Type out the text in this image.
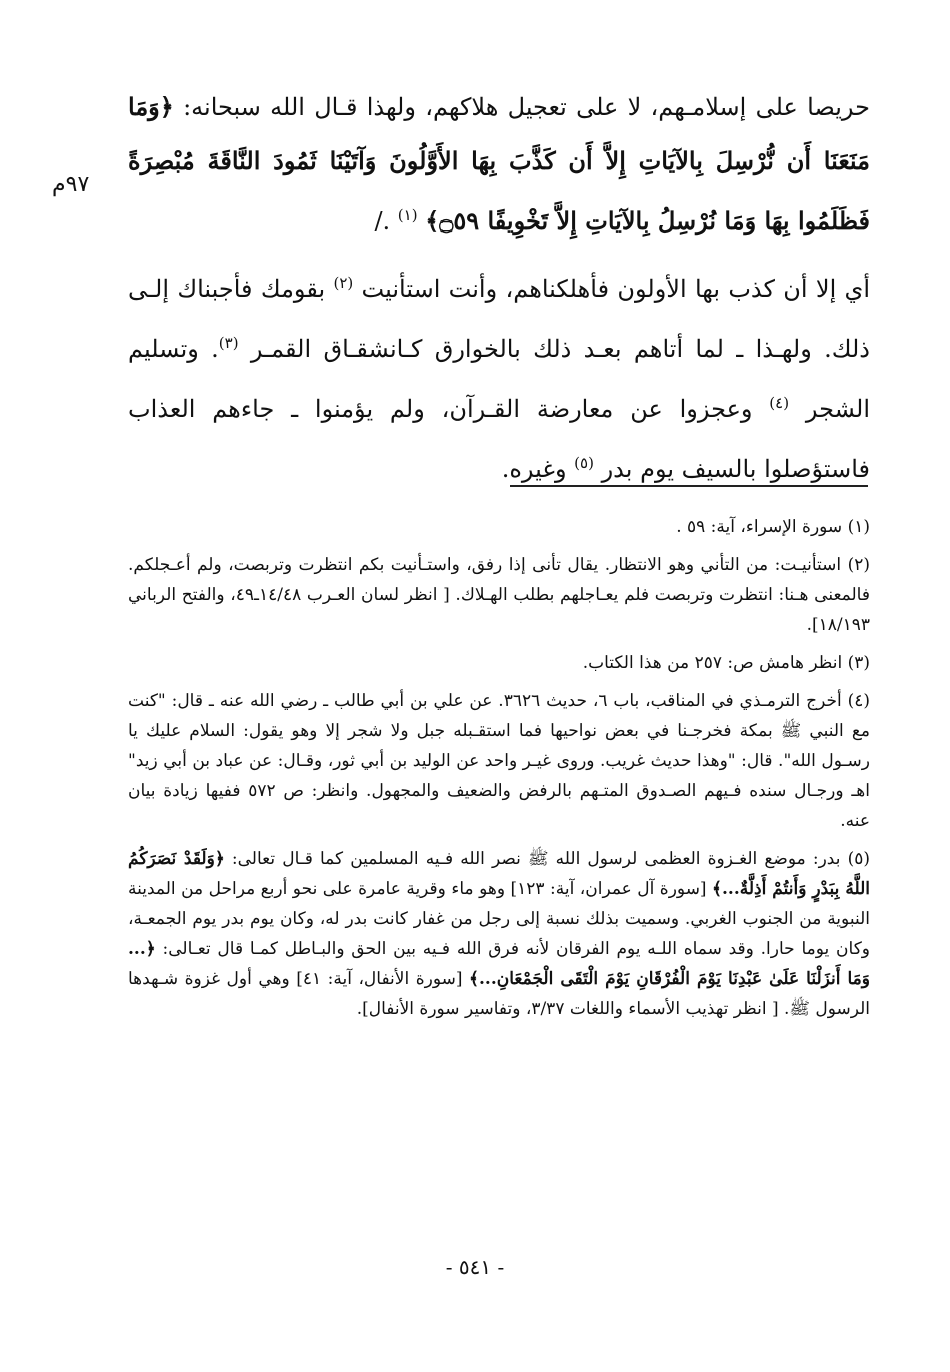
٩٧م

حريصا على إسلامـهم، لا على تعجيل هلاكهم، ولهذا قـال الله سبحانه: ﴿وَمَا مَنَعَنَا أَن نُّرْسِلَ بِالآيَاتِ إِلاَّ أَن كَذَّبَ بِهَا الأَوَّلُونَ وَآتَيْنَا ثَمُودَ النَّاقَةَ مُبْصِرَةً فَظَلَمُوا بِهَا وَمَا نُرْسِلُ بِالآيَاتِ إِلاَّ تَخْوِيفًا ۝٥٩﴾ $^{(١)}$ ./

أي إلا أن كذب بها الأولون فأهلكناهم، وأنت استأنيت $^{(٢)}$ بقومك فأجبناك إلـى ذلك. ولهـذا ـ لما أتاهم بعـد ذلك بالخوارق كـانشقـاق القمـر $^{(٣)}$. وتسليم الشجر $^{(٤)}$ وعجزوا عن معارضة القـرآن، ولم يؤمنوا ـ جاءهم العذاب فاستؤصلوا بالسيف يوم بدر $^{(٥)}$ وغيره.

(١) سورة الإسراء، آية: ٥٩ .
(٢) استأنيـت: من التأني وهو الانتظار. يقال تأنى إذا رفق، واستـأنيت بكم انتظرت وتربصت، ولم أعـجلكم. فالمعنى هـنا: انتظرت وتربصت فلم يعـاجلهم بطلب الهـلاك. [ انظر لسان العـرب ١٤/٤٨ـ٤٩، والفتح الرباني ١٨/١٩٣].
(٣) انظر هامش ص: ٢٥٧ من هذا الكتاب.
(٤) أخرج الترمـذي في المناقب، باب ٦، حديث ٣٦٢٦. عن علي بن أبي طالب ـ رضي الله عنه ـ قال: "كنت مع النبي ﷺ بمكة فخرجـنا في بعض نواحيها فما استقـبله جبل ولا شجر إلا وهو يقول: السلام عليك يا رسـول الله". قال: "وهذا حديث غريب. وروى غيـر واحد عن الوليد بن أبي ثور، وقـال: عن عباد بن أبي زيد" اهـ ورجـال سنده فـيهم الصـدوق المتـهم بالرفض والضعيف والمجهول. وانظر: ص ٥٧٢ ففيها زيادة بيان عنه.
(٥) بدر: موضع الغـزوة العظمى لرسول الله ﷺ نصر الله فـيه المسلمين كما قـال تعالى: ﴿وَلَقَدْ نَصَرَكُمُ اللَّهُ بِبَدْرٍ وَأَنتُمْ أَذِلَّةٌ...﴾ [سورة آل عمران، آية: ١٢٣] وهو ماء وقرية عامرة على نحو أربع مراحل من المدينة النبوية من الجنوب الغربي. وسميت بذلك نسبة إلى رجل من غفار كانت بدر له، وكان يوم بدر يوم الجمعـة، وكان يوما حارا. وقد سماه اللـه يوم الفرقان لأنه فرق الله فـيه بين الحق والبـاطل كمـا قال تعـالى: ﴿... وَمَا أَنزَلْنَا عَلَىٰ عَبْدِنَا يَوْمَ الْفُرْقَانِ يَوْمَ الْتَقَى الْجَمْعَانِ...﴾ [سورة الأنفال، آية: ٤١] وهي أول غزوة شـهدها الرسول ﷺ. [ انظر تهذيب الأسماء واللغات ٣/٣٧، وتفاسير سورة الأنفال].
- ٥٤١ -
